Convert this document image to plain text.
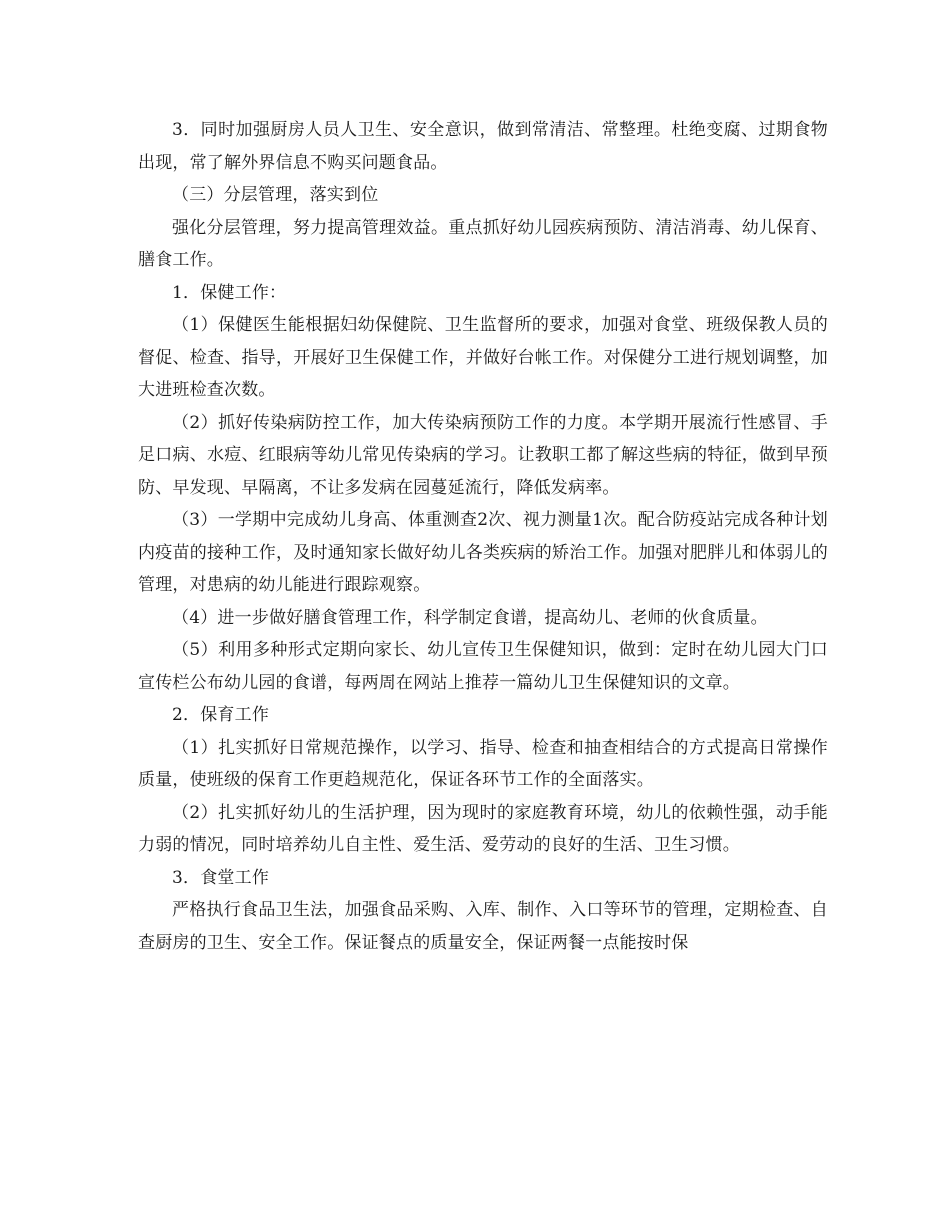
3．同时加强厨房人员人卫生、安全意识，做到常清洁、常整理。杜绝变腐、过期食物出现，常了解外界信息不购买问题食品。

（三）分层管理，落实到位

强化分层管理，努力提高管理效益。重点抓好幼儿园疾病预防、清洁消毒、幼儿保育、膳食工作。

1．保健工作：

（1）保健医生能根据妇幼保健院、卫生监督所的要求，加强对食堂、班级保教人员的督促、检查、指导，开展好卫生保健工作，并做好台帐工作。对保健分工进行规划调整，加大进班检查次数。

（2）抓好传染病防控工作，加大传染病预防工作的力度。本学期开展流行性感冒、手足口病、水痘、红眼病等幼儿常见传染病的学习。让教职工都了解这些病的特征，做到早预防、早发现、早隔离，不让多发病在园蔓延流行，降低发病率。

（3）一学期中完成幼儿身高、体重测查2次、视力测量1次。配合防疫站完成各种计划内疫苗的接种工作，及时通知家长做好幼儿各类疾病的矫治工作。加强对肥胖儿和体弱儿的管理，对患病的幼儿能进行跟踪观察。

（4）进一步做好膳食管理工作，科学制定食谱，提高幼儿、老师的伙食质量。

（5）利用多种形式定期向家长、幼儿宣传卫生保健知识，做到：定时在幼儿园大门口宣传栏公布幼儿园的食谱，每两周在网站上推荐一篇幼儿卫生保健知识的文章。

2．保育工作

（1）扎实抓好日常规范操作，以学习、指导、检查和抽查相结合的方式提高日常操作质量，使班级的保育工作更趋规范化，保证各环节工作的全面落实。

（2）扎实抓好幼儿的生活护理，因为现时的家庭教育环境，幼儿的依赖性强，动手能力弱的情况，同时培养幼儿自主性、爱生活、爱劳动的良好的生活、卫生习惯。

3．食堂工作

严格执行食品卫生法，加强食品采购、入库、制作、入口等环节的管理，定期检查、自查厨房的卫生、安全工作。保证餐点的质量安全，保证两餐一点能按时保
